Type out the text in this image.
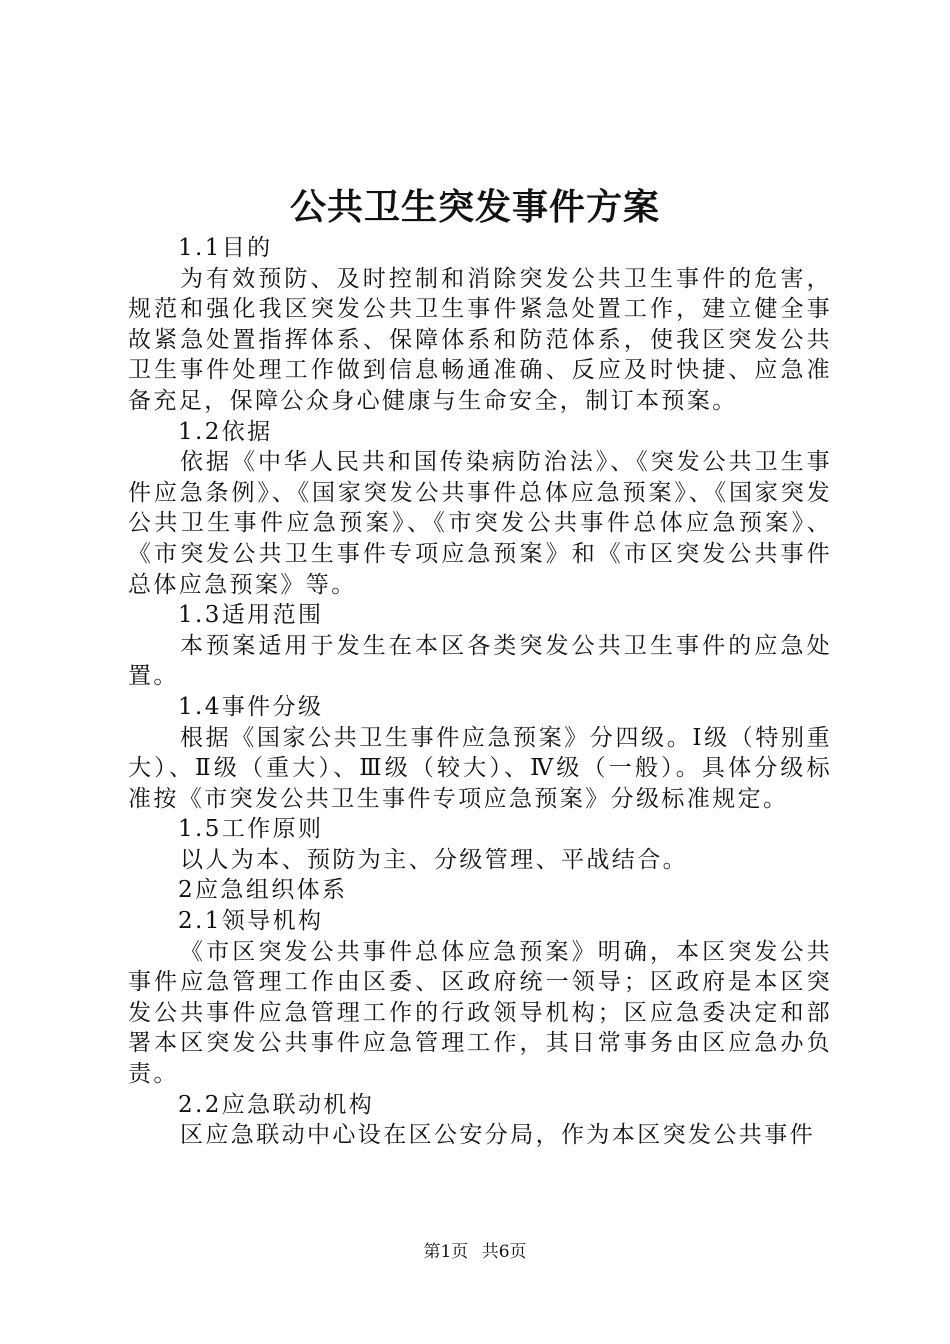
公共卫生突发事件方案

1.1目的

为有效预防、及时控制和消除突发公共卫生事件的危害，规范和强化我区突发公共卫生事件紧急处置工作，建立健全事故紧急处置指挥体系、保障体系和防范体系，使我区突发公共卫生事件处理工作做到信息畅通准确、反应及时快捷、应急准备充足，保障公众身心健康与生命安全，制订本预案。

1.2依据

依据《中华人民共和国传染病防治法》、《突发公共卫生事件应急条例》、《国家突发公共事件总体应急预案》、《国家突发公共卫生事件应急预案》、《市突发公共事件总体应急预案》、《市突发公共卫生事件专项应急预案》和《市区突发公共事件总体应急预案》等。

1.3适用范围

本预案适用于发生在本区各类突发公共卫生事件的应急处置。

1.4事件分级

根据《国家公共卫生事件应急预案》分四级。Ⅰ级（特别重大）、Ⅱ级（重大）、Ⅲ级（较大）、Ⅳ级（一般）。具体分级标准按《市突发公共卫生事件专项应急预案》分级标准规定。

1.5工作原则

以人为本、预防为主、分级管理、平战结合。

2应急组织体系

2.1领导机构

《市区突发公共事件总体应急预案》明确，本区突发公共事件应急管理工作由区委、区政府统一领导；区政府是本区突发公共事件应急管理工作的行政领导机构；区应急委决定和部署本区突发公共事件应急管理工作，其日常事务由区应急办负责。

2.2应急联动机构

区应急联动中心设在区公安分局，作为本区突发公共事件

第1页 共6页
